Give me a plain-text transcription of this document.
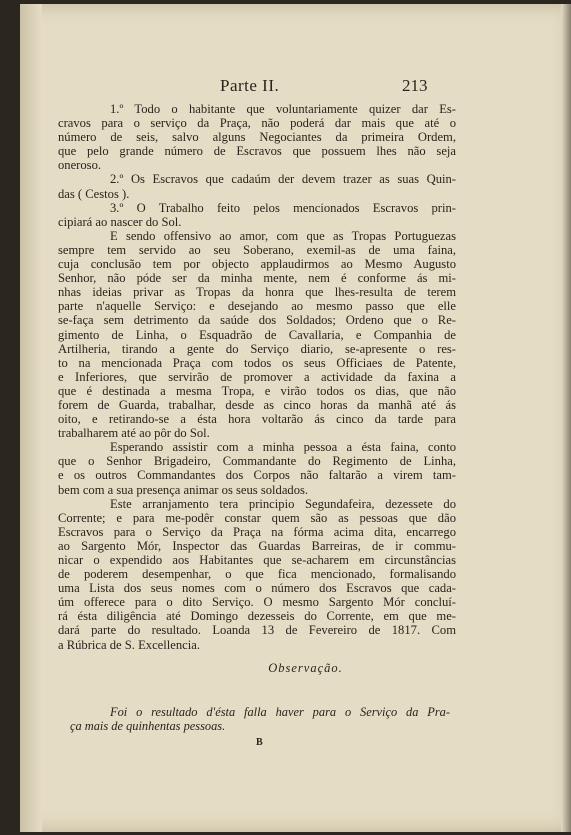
Parte II.	213
1.º Todo o habitante que voluntariamente quizer dar Es-
cravos para o serviço da Praça, não poderá dar mais que até o
número de seis, salvo alguns Negociantes da primeira Ordem,
que pelo grande número de Escravos que possuem lhes não seja
oneroso.
2.º Os Escravos que cadaúm der devem trazer as suas Quin-
das ( Cestos ).
3.º O Trabalho feito pelos mencionados Escravos prin-
cipiará ao nascer do Sol.
E sendo offensivo ao amor, com que as Tropas Portuguezas
sempre tem servido ao seu Soberano, exemil-as de uma faina,
cuja conclusão tem por objecto applaudirmos ao Mesmo Augusto
Senhor, não póde ser da minha mente, nem é conforme ás mi-
nhas ideias privar as Tropas da honra que lhes-resulta de terem
parte n'aquelle Serviço: e desejando ao mesmo passo que elle
se-faça sem detrimento da saúde dos Soldados; Ordeno que o Re-
gimento de Linha, o Esquadrão de Cavallaria, e Companhia de
Artilheria, tirando a gente do Serviço diario, se-apresente o res-
to na mencionada Praça com todos os seus Officiaes de Patente,
e Inferiores, que servirão de promover a actividade da faxina a
que é destinada a mesma Tropa, e virão todos os dias, que não
forem de Guarda, trabalhar, desde as cinco horas da manhã até ás
oito, e retirando-se a ésta hora voltarão ás cinco da tarde para
trabalharem até ao pôr do Sol.
Esperando assistir com a minha pessoa a ésta faina, conto
que o Senhor Brigadeiro, Commandante do Regimento de Linha,
e os outros Commandantes dos Corpos não faltarão a virem tam-
bem com a sua presença animar os seus soldados.
Este arranjamento tera principio Segundafeira, dezessete do
Corrente; e para me-podêr constar quem são as pessoas que dão
Escravos para o Serviço da Praça na fórma acima dita, encarrego
ao Sargento Mór, Inspector das Guardas Barreiras, de ir commu-
nicar o expendido aos Habitantes que se-acharem em circunstâncias
de poderem desempenhar, o que fica mencionado, formalisando
uma Lista dos seus nomes com o número dos Escravos que cada-
úm offerece para o dito Serviço. O mesmo Sargento Mór concluí-
rá ésta diligência até Domingo dezesseis do Corrente, em que me-
dará parte do resultado. Loanda 13 de Fevereiro de 1817. Com
a Rúbrica de S. Excellencia.
Observação.
Foi o resultado d'ésta falla haver para o Serviço da Pra-
ça mais de quinhentas pessoas.
B
